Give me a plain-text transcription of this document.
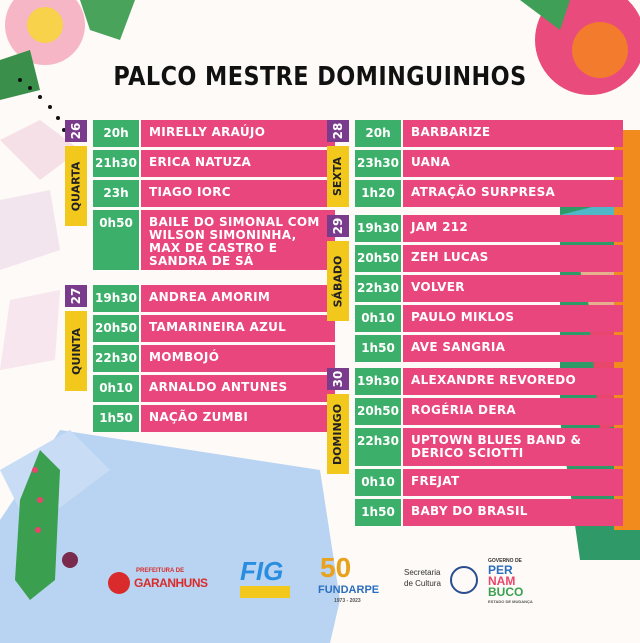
PALCO MESTRE DOMINGUINHOS
26
QUARTA
20h	MIRELLY ARAÚJO
21h30	ERICA NATUZA
23h	TIAGO IORC
0h50	BAILE DO SIMONAL COM WILSON SIMONINHA, MAX DE CASTRO E SANDRA DE SÁ
27
QUINTA
19h30	ANDREA AMORIM
20h50	TAMARINEIRA AZUL
22h30	MOMBOJÓ
0h10	ARNALDO ANTUNES
1h50	NAÇÃO ZUMBI
28
SEXTA
20h	BARBARIZE
23h30	UANA
1h20	ATRAÇÃO SURPRESA
29
SÁBADO
19h30	JAM 212
20h50	ZEH LUCAS
22h30	VOLVER
0h10	PAULO MIKLOS
1h50	AVE SANGRIA
30
DOMINGO
19h30	ALEXANDRE REVOREDO
20h50	ROGÉRIA DERA
22h30	UPTOWN BLUES BAND & DERICO SCIOTTI
0h10	FREJAT
1h50	BABY DO BRASIL
PREFEITURA DE
GARANHUNS FIG 50
FUNDARPE
1973 - 2023
Secretaria
de Cultura
GOVERNO DE
PER
NAM
BUCO
ESTADO DE MUDANÇA
